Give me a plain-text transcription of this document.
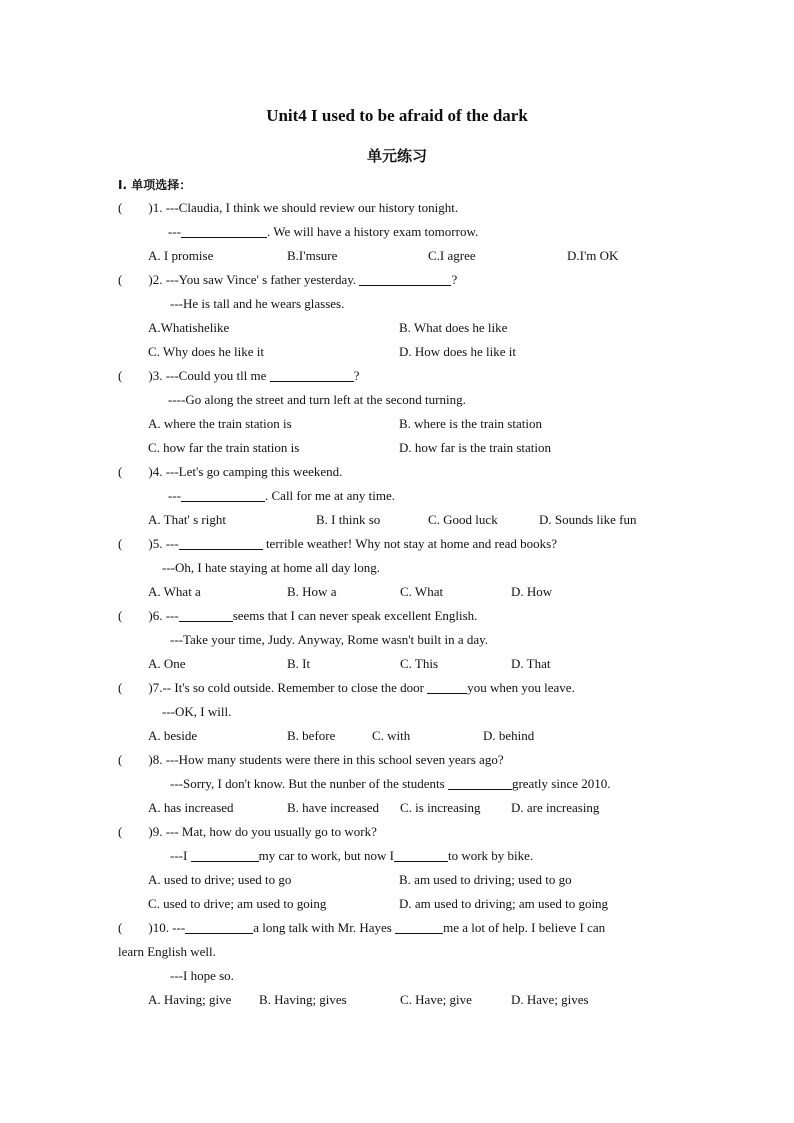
Unit4 I used to be afraid of the dark
单元练习
I. 单项选择：
( )1. ---Claudia, I think we should review our history tonight.
---	. We will have a history exam tomorrow.
A. I promise	B.I'msure	C.I agree	D.I'm OK
( )2. ---You saw Vince' s father yesterday.	?
---He is tall and he wears glasses.
A.Whatishelike	B. What does he like
C. Why does he like it	D. How does he like it
( )3. ---Could you tll me	?
----Go along the street and turn left at the second turning.
A. where the train station is	B. where is the train station
C. how far the train station is	D. how far is the train station
( )4. ---Let's go camping this weekend.
---	. Call for me at any time.
A. That' s right	B. I think so	C. Good luck	D. Sounds like fun
( )5. ---	terrible weather! Why not stay at home and read books?
---Oh, I hate staying at home all day long.
A. What a	B. How a	C. What	D. How
( )6. ---	seems that I can never speak excellent English.
---Take your time, Judy. Anyway, Rome wasn't built in a day.
A. One	B. It	C. This	D. That
( )7.-- It's so cold outside. Remember to close the door	you when you leave.
---OK, I will.
A. beside	B. before	C. with	D. behind
( )8. ---How many students were there in this school seven years ago?
---Sorry, I don't know. But the nunber of the students	greatly since 2010.
A. has increased	B. have increased C. is increasing D. are increasing
( )9. --- Mat, how do you usually go to work?
---I	my car to work, but now I	to work by bike.
A. used to drive; used to go	B. am used to driving; used to go
C. used to drive; am used to going	D. am used to driving; am used to going
( )10. ---	a long talk with Mr. Hayes	me a lot of help. I believe I can
learn English well.
---I hope so.
A. Having; give B. Having; gives	C. Have; give	D. Have; gives
